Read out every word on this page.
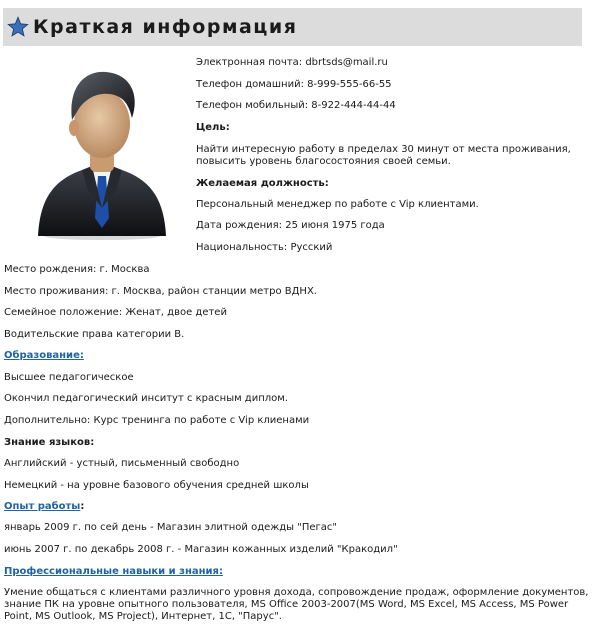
Краткая информация
Электронная почта: dbrtsds@mail.ru
Телефон домашний: 8-999-555-66-55
Телефон мобильный: 8-922-444-44-44
Цель:
Найти интересную работу в пределах 30 минут от места проживания, повысить уровень благосостояния своей семьи.
Желаемая должность:
Персональный менеджер по работе с Vip клиентами.
Дата рождения: 25 июня 1975 года
Национальность: Русский
Место рождения: г. Москва
Место проживания: г. Москва, район станции метро ВДНХ.
Семейное положение: Женат, двое детей
Водительские права категории В.
Образование:
Высшее педагогическое
Окончил педагогический инситут с красным диплом.
Дополнительно: Курс тренинга по работе с Vip клиенами
Знание языков:
Английский - устный, письменный свободно
Немецкий - на уровне базового обучения средней школы
Опыт работы:
январь 2009 г. по сей день - Магазин элитной одежды "Пегас"
июнь 2007 г. по декабрь 2008 г. - Магазин кожанных изделий "Кракодил"
Профессиональные навыки и знания:
Умение общаться с клиентами различного уровня дохода, сопровождение продаж, оформление документов, знание ПК на уровне опытного пользователя, MS Office 2003-2007(MS Word, MS Excel, MS Access, MS Power Point, MS Outlook, MS Project), Интернет, 1С, "Парус".
